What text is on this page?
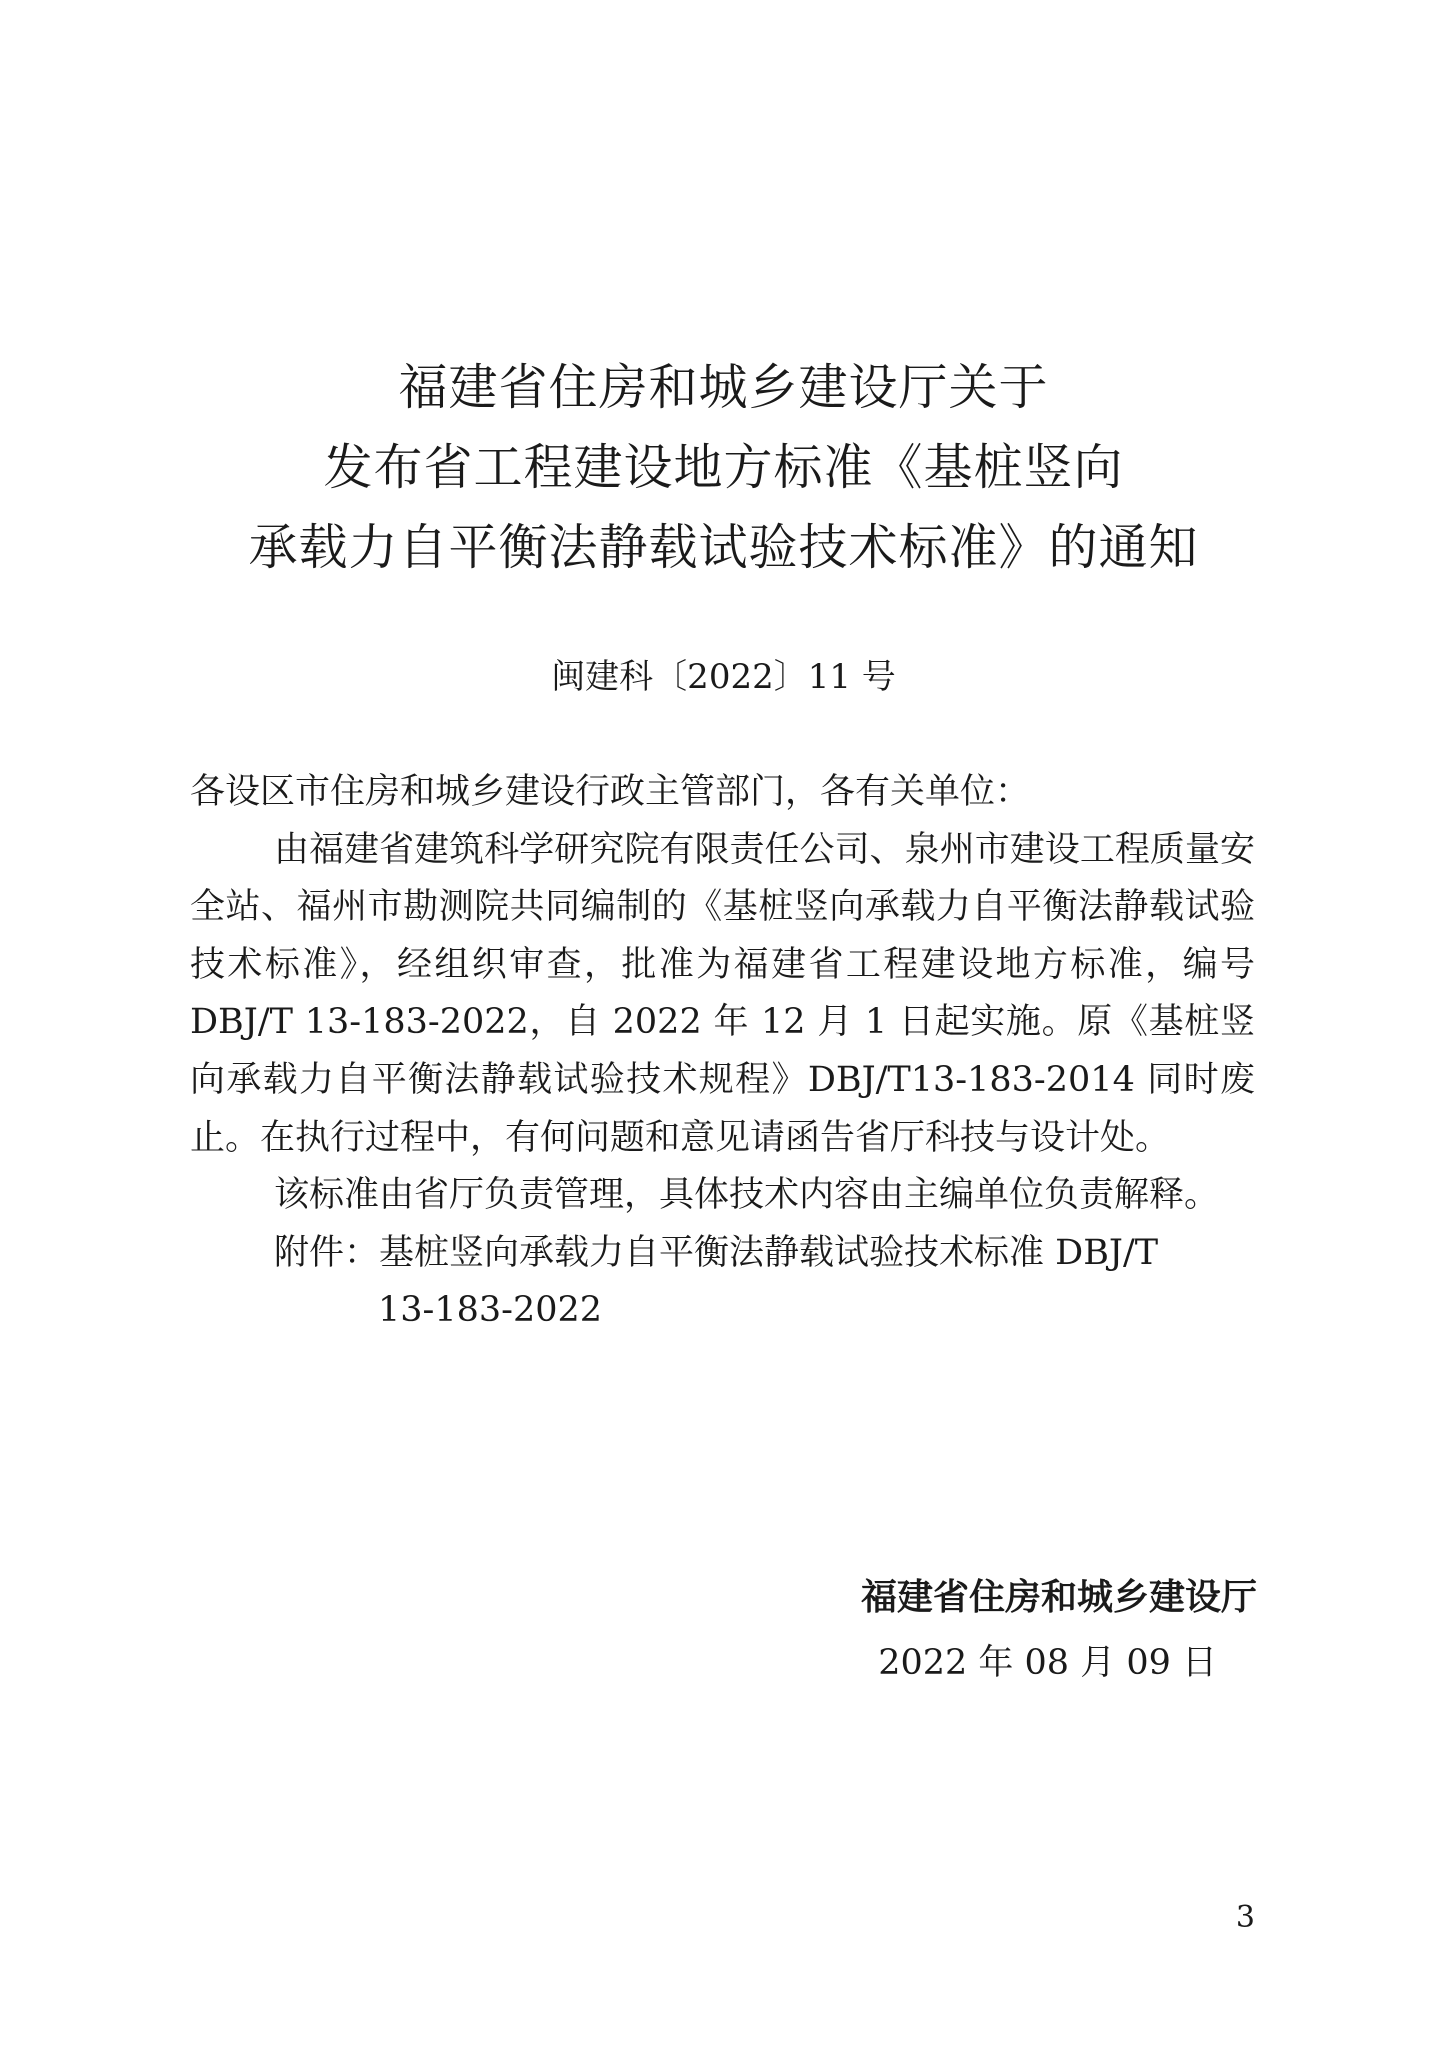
福建省住房和城乡建设厅关于
发布省工程建设地方标准《基桩竖向
承载力自平衡法静载试验技术标准》的通知
闽建科〔2022〕11 号

各设区市住房和城乡建设行政主管部门，各有关单位：

由福建省建筑科学研究院有限责任公司、泉州市建设工程质量安全站、福州市勘测院共同编制的《基桩竖向承载力自平衡法静载试验技术标准》，经组织审查，批准为福建省工程建设地方标准，编号 DBJ/T 13-183-2022，自 2022 年 12 月 1 日起实施。原《基桩竖向承载力自平衡法静载试验技术规程》DBJ/T13-183-2014 同时废止。在执行过程中，有何问题和意见请函告省厅科技与设计处。

该标准由省厅负责管理，具体技术内容由主编单位负责解释。

附件：基桩竖向承载力自平衡法静载试验技术标准 DBJ/T
13-183-2022

福建省住房和城乡建设厅
2022 年 08 月 09 日
3
